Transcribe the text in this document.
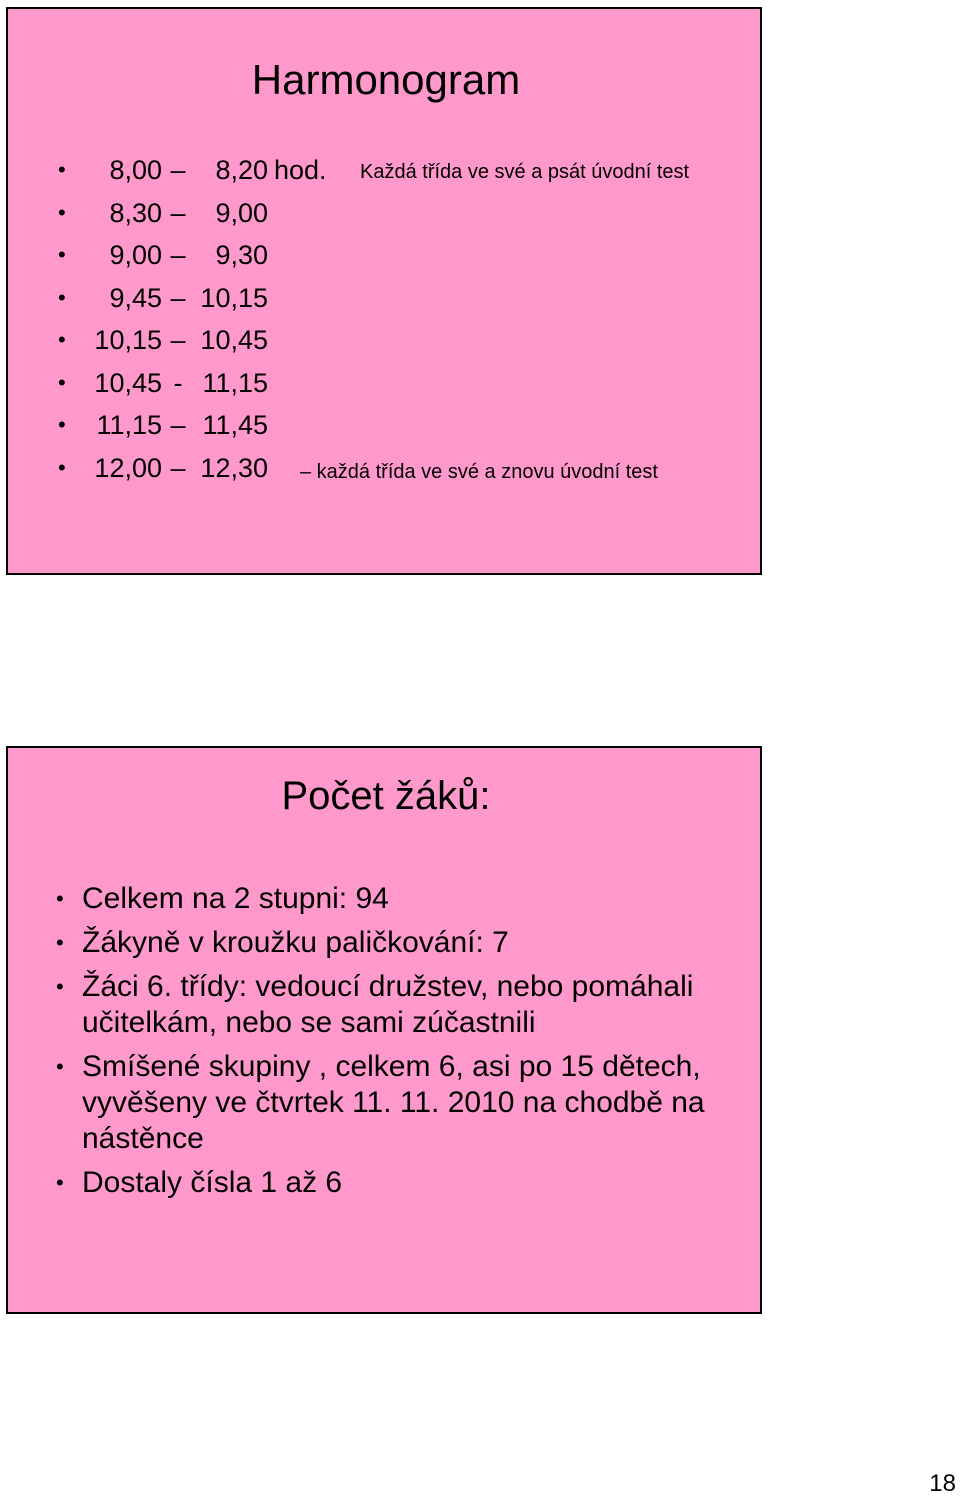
Harmonogram
•	8,00 – 8,20 hod. Každá třída ve své a psát úvodní test
•	8,30 – 9,00
•	9,00 – 9,30
•	9,45 – 10,15
• 10,15 – 10,45
• 10,45 - 11,15
•	11,15 – 11,45
• 12,00 – 12,30 – každá třída ve své a znovu úvodní test
Počet žáků:
• Celkem na 2 stupni: 94
• Žákyně v kroužku paličkování: 7
• Žáci 6. třídy: vedoucí družstev, nebo pomáhali učitelkám, nebo se sami zúčastnili
• Smíšené skupiny , celkem 6, asi po 15 dětech, vyvěšeny ve čtvrtek 11. 11. 2010 na chodbě na nástěnce
• Dostaly čísla 1 až 6
18
